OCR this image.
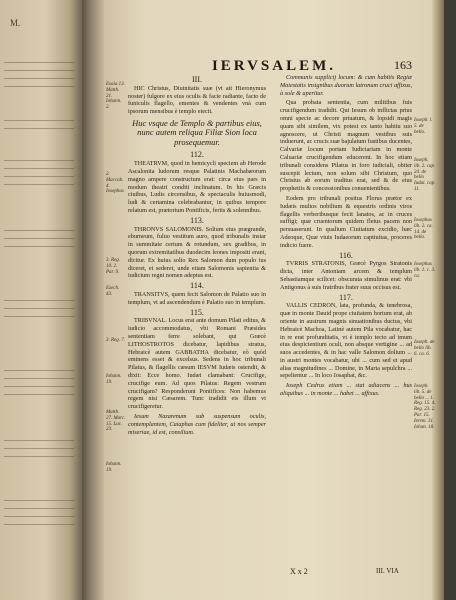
M.
IERVSALEM.	163
Esaia 13. Matth. 21. Iohann. 2.
2. Maccab. 4. Iosephus
3. Reg. 10. 2. Par. 9.
Ezech. 43.
3. Reg. 7.
Iohann. 19.
Matth. 27. Marc. 15. Luc. 23.
Iohann. 19.
III.

HIC Christus, Diuinitatis suæ (vt ait Hieronymus noster) fulgore ex eius oculis & facie radiante, facto de funiculis flagello, ementes & vendentes vnà cum ipsorum mensibus è templo eiecit.

Huc vsque de Templo & partibus eius, nunc autem reliqua Filiæ Sion loca prosequemur.
112.

THEATRVM, quod in hemicycli speciem ab Herode Ascalonita ludorum resque Palatinis Machabæorum magno ampere constructum erat: circa eius pars in modum theatri conditi inclinatum. In his Græcis ciuibus, Ludis circensibus, & spectaculis huiusmodi, ludi & certamina celebrabantur, in quibus tempore relatum est, prætorium Pontificis, feriis & solennibus.

113.

THRONVS SALOMONIS. Solium eius prægrande, eburneum, fuluo vestitum auro, quod tribunalis instar in summitate certum & rotundum, sex gradibus, in quorum extremitatibus duodecim leones impositi erant, dicitur. Ex huius solio Rex Salomon dum populo ius diceret, et sederet, unde etiam Salomonis sapientia & iudicium regni nomen adeptus est.

114.

TRANSITVS, quem fecit Salomon de Palatio suo in templum, vt ad ascendendum è Palatio suo in templum.

115.

TRIBVNAL. Locus erat ante domum Pilati editus, & iudicio accommodatus, vbi Romani Præsides sententiam ferre solebant, qui Græcè LITHOSTROTOS dicebatur, lapidibus stratus, Hebraicè autem GABBATHA dicebatur, eò quòd eminens esset & excelsus. Sedens in hoc tribunali Pilatus, & flagellis cæsum IESVM Iudæis ostendit, & dixit: Ecce homo. Iudæi clamabant: Crucifige, crucifige eum. Ad quos Pilatus: Regem vestrum crucifigam? Responderunt Pontifices: Non habemus regem nisi Cæsarem. Tunc tradidit eis illum vt crucifigeretur.

Iesum Nazarenum sub suspensum oculis, contemplantem, Caiaphas cum fideliter, ut nos semper miseriae, id est, consilium.

Communis supplicij locum: & cum habitis Regiæ Maiestatis insignibus duorum latronum cruci affixus, à sole & aperitur.

Qua probata sententia, cum militibus fuis crucifigendum tradidit. Qui Iesum ob inflictas prius omni specie ac decore priuatum, & lopsidi magis quam sibi similem, vix potest ex tanto habitu suo agnoscere, ut Christi magnum vestibus suis induerunt, ac crucis suæ bajulatum fustibus ducentes, Calvariæ locum portam Iudiciariam in monte Caluariæ crucifigendum educerent. In hoc etiam tribunali considens Pilatus in foro iudiciali, obiter suscepit lectum, non solum sibi Christum, quo Christus ab eorum traditus erat, sed & de eius prophetiis & concessionibus conuenientibus.

Eodem pro tribunali positus Florus prætor ex Iudæis multos nobilium & equestris ordinis viros flagellis verberibusque fecit lanatos, ac in cruces suffigi; quæ cruentorum quidem fletus pacem non persuaserunt. In qualium Ciuitatum excidio, hæc Adeoque, Quæ viuis Iudaeorum captiuitas, proceres indicio fuere.

116.

TVRRIS STRATONIS, Græcè Pyrgos Stratonis dicta, inter Antoniam arcem & templum Sebastiamque scilicet: obscurata simulinus erat: vbi Antigonus à suis fratribus frater suus occisus est.

117.

VALLIS CEDRON, lata, profunda, & tenebrosa, quæ in monte Dauid prope ciuitatem hortum erat, ab oriente in austrum magnis sinuationibus ductus, vbi Hebraicè Machoa, Latinè autem Pila vocabatur, hac in re erat profunditatis, vt è templo tecto ad imum eius despicientium oculi, non absque vertigine ... ad suos accedentes, & in hac valle Salomon dolium ... in austri montes vocabatur, ubi ... cum sed et apud alias magnitudines ... Domine, in Maria sepulchra ... sepelientur ... In loco Iosaphat, &c.

Ioseph Cedrus etiam ... stat adiacens ... bus aliquibus ... in monte ... habet ... affixus.

Ioseph. l. 5. de bello.
Ioseph. lib. 2. cap. 24. de bello Iudai. cap. 11.
Iosephus lib. 2. ca. 14. de bello.
Iosephus lib. 1. c. 3. ca.
Ioseph. de bello lib. 6. ca. 6.
Ioseph. lib. 5. de bello ... 1. Reg. 15. 4. Reg. 23. 2. Par. 15. Ierem. 31. Iohan. 18.
X x 2	III. VIA
